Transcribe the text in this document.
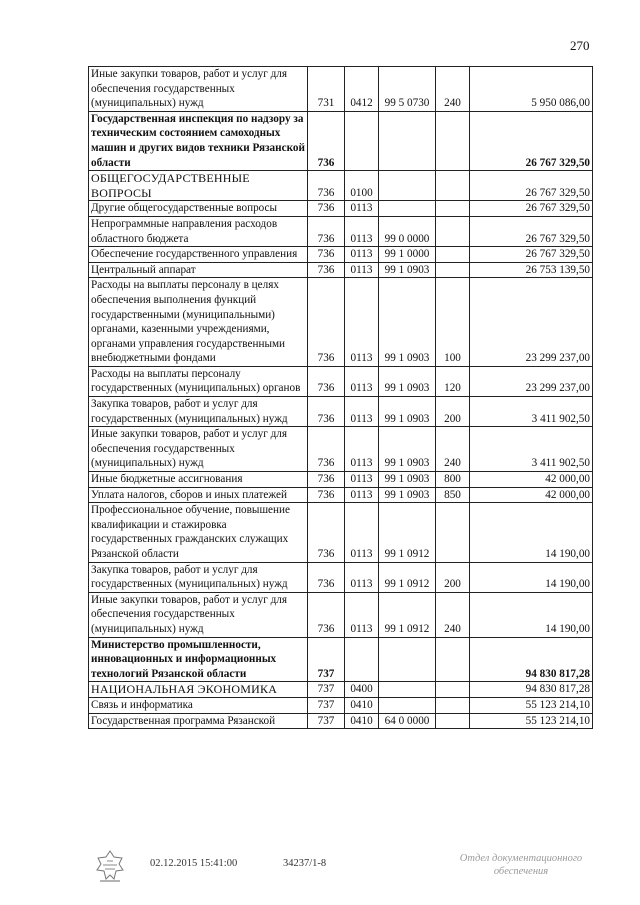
270
Иные закупки товаров, работ и услуг для обеспечения государственных (муниципальных) нужд	731	0412	99 5 0730	240	5 950 086,00
Государственная инспекция по надзору за техническим состоянием самоходных машин и других видов техники Рязанской области	736				26 767 329,50
ОБЩЕГОСУДАРСТВЕННЫЕ ВОПРОСЫ	736	0100			26 767 329,50
Другие общегосударственные вопросы	736	0113			26 767 329,50
Непрограммные направления расходов областного бюджета	736	0113	99 0 0000		26 767 329,50
Обеспечение государственного управления	736	0113	99 1 0000		26 767 329,50
Центральный аппарат	736	0113	99 1 0903		26 753 139,50
Расходы на выплаты персоналу в целях обеспечения выполнения функций государственными (муниципальными) органами, казенными учреждениями, органами управления государственными внебюджетными фондами	736	0113	99 1 0903	100	23 299 237,00
Расходы на выплаты персоналу государственных (муниципальных) органов	736	0113	99 1 0903	120	23 299 237,00
Закупка товаров, работ и услуг для государственных (муниципальных) нужд	736	0113	99 1 0903	200	3 411 902,50
Иные закупки товаров, работ и услуг для обеспечения государственных (муниципальных) нужд	736	0113	99 1 0903	240	3 411 902,50
Иные бюджетные ассигнования	736	0113	99 1 0903	800	42 000,00
Уплата налогов, сборов и иных платежей	736	0113	99 1 0903	850	42 000,00
Профессиональное обучение, повышение квалификации и стажировка государственных гражданских служащих Рязанской области	736	0113	99 1 0912		14 190,00
Закупка товаров, работ и услуг для государственных (муниципальных) нужд	736	0113	99 1 0912	200	14 190,00
Иные закупки товаров, работ и услуг для обеспечения государственных (муниципальных) нужд	736	0113	99 1 0912	240	14 190,00
Министерство промышленности, инновационных и информационных технологий Рязанской области	737				94 830 817,28
НАЦИОНАЛЬНАЯ ЭКОНОМИКА	737	0400			94 830 817,28
Связь и информатика	737	0410			55 123 214,10
Государственная программа Рязанской	737	0410	64 0 0000		55 123 214,10
02.12.2015 15:41:00	34237/1-8	Отдел документационного
обеспечения
